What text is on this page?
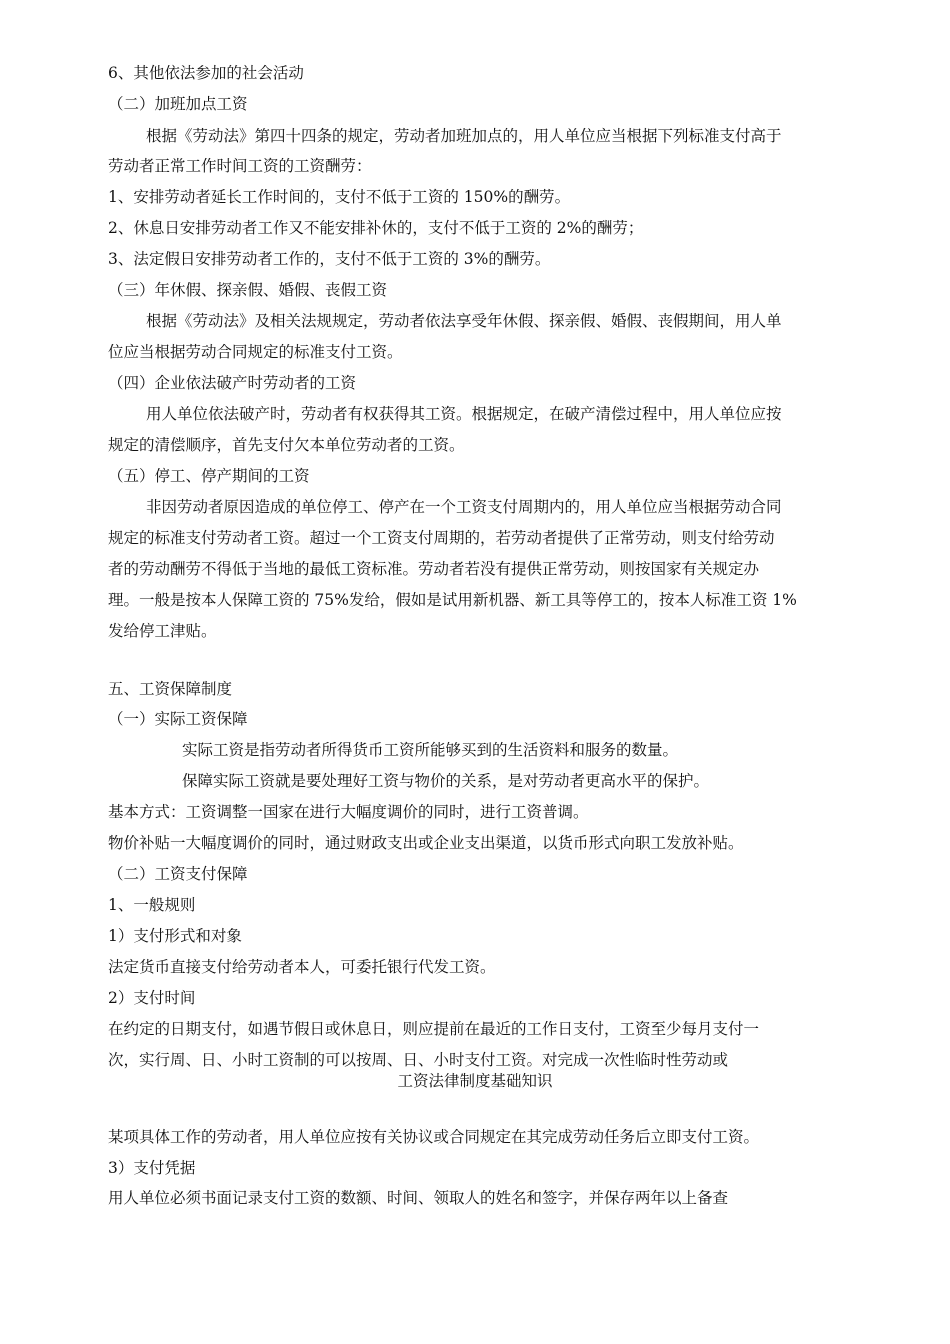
6、其他依法参加的社会活动
（二）加班加点工资
根据《劳动法》第四十四条的规定，劳动者加班加点的，用人单位应当根据下列标准支付高于
劳动者正常工作时间工资的工资酬劳：
1、安排劳动者延长工作时间的，支付不低于工资的 150%的酬劳。
2、休息日安排劳动者工作又不能安排补休的，支付不低于工资的 2%的酬劳；
3、法定假日安排劳动者工作的，支付不低于工资的 3%的酬劳。
（三）年休假、探亲假、婚假、丧假工资
根据《劳动法》及相关法规规定，劳动者依法享受年休假、探亲假、婚假、丧假期间，用人单
位应当根据劳动合同规定的标准支付工资。
（四）企业依法破产时劳动者的工资
用人单位依法破产时，劳动者有权获得其工资。根据规定，在破产清偿过程中，用人单位应按
规定的清偿顺序，首先支付欠本单位劳动者的工资。
（五）停工、停产期间的工资
非因劳动者原因造成的单位停工、停产在一个工资支付周期内的，用人单位应当根据劳动合同
规定的标准支付劳动者工资。超过一个工资支付周期的，若劳动者提供了正常劳动，则支付给劳动
者的劳动酬劳不得低于当地的最低工资标准。劳动者若没有提供正常劳动，则按国家有关规定办
理。一般是按本人保障工资的 75%发给，假如是试用新机器、新工具等停工的，按本人标准工资 1%
发给停工津贴。
五、工资保障制度
（一）实际工资保障
实际工资是指劳动者所得货币工资所能够买到的生活资料和服务的数量。
保障实际工资就是要处理好工资与物价的关系，是对劳动者更高水平的保护。
基本方式：工资调整一国家在进行大幅度调价的同时，进行工资普调。
物价补贴一大幅度调价的同时，通过财政支出或企业支出渠道，以货币形式向职工发放补贴。
（二）工资支付保障
1、一般规则
1）支付形式和对象
法定货币直接支付给劳动者本人，可委托银行代发工资。
2）支付时间
在约定的日期支付，如遇节假日或休息日，则应提前在最近的工作日支付，工资至少每月支付一
次，实行周、日、小时工资制的可以按周、日、小时支付工资。对完成一次性临时性劳动或
工资法律制度基础知识
某项具体工作的劳动者，用人单位应按有关协议或合同规定在其完成劳动任务后立即支付工资。
3）支付凭据
用人单位必须书面记录支付工资的数额、时间、领取人的姓名和签字，并保存两年以上备查
